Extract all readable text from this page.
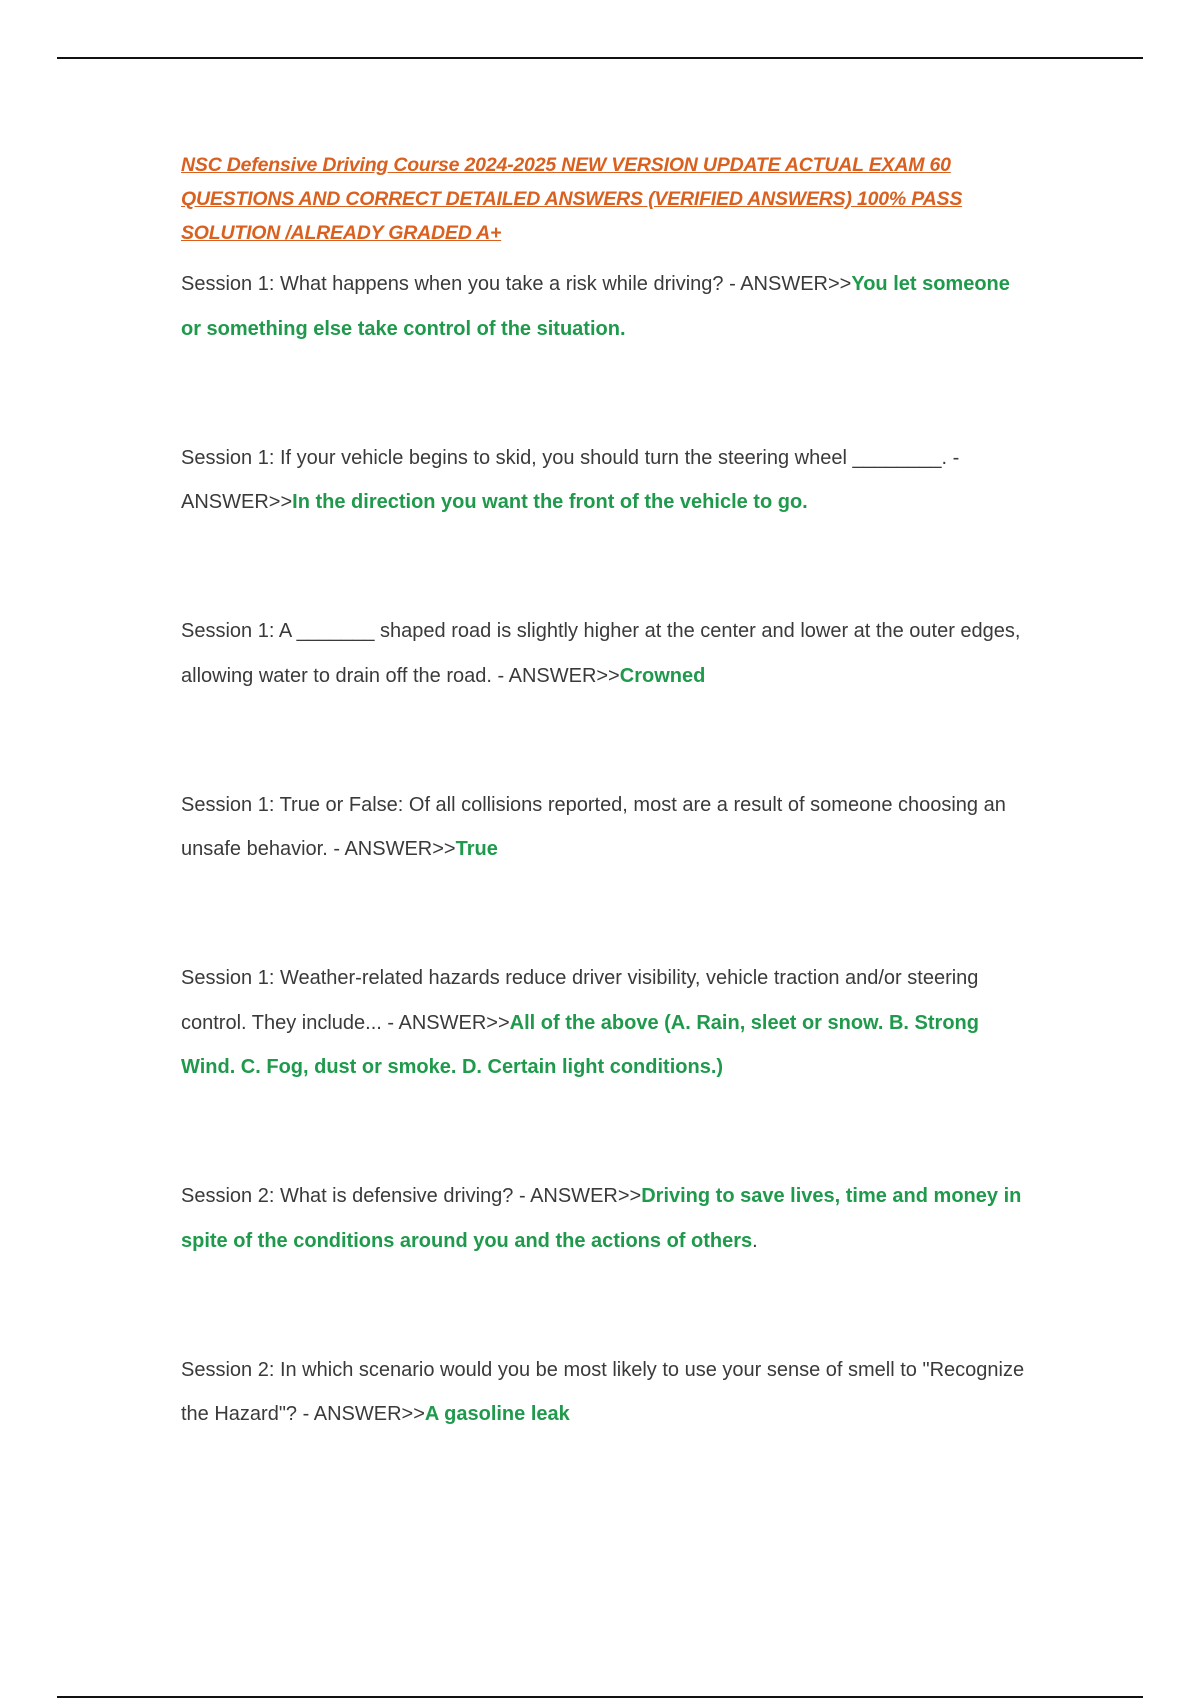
NSC Defensive Driving Course 2024-2025 NEW VERSION UPDATE ACTUAL EXAM 60 QUESTIONS AND CORRECT DETAILED ANSWERS (VERIFIED ANSWERS) 100% PASS SOLUTION /ALREADY GRADED A+

Session 1: What happens when you take a risk while driving? - ANSWER>>You let someone or something else take control of the situation.
Session 1: If your vehicle begins to skid, you should turn the steering wheel ________. - ANSWER>>In the direction you want the front of the vehicle to go.
Session 1: A _______ shaped road is slightly higher at the center and lower at the outer edges, allowing water to drain off the road. - ANSWER>>Crowned
Session 1: True or False: Of all collisions reported, most are a result of someone choosing an unsafe behavior. - ANSWER>>True
Session 1: Weather-related hazards reduce driver visibility, vehicle traction and/or steering control. They include... - ANSWER>>All of the above (A. Rain, sleet or snow. B. Strong Wind. C. Fog, dust or smoke. D. Certain light conditions.)
Session 2: What is defensive driving? - ANSWER>>Driving to save lives, time and money in spite of the conditions around you and the actions of others.
Session 2: In which scenario would you be most likely to use your sense of smell to "Recognize the Hazard"? - ANSWER>>A gasoline leak
